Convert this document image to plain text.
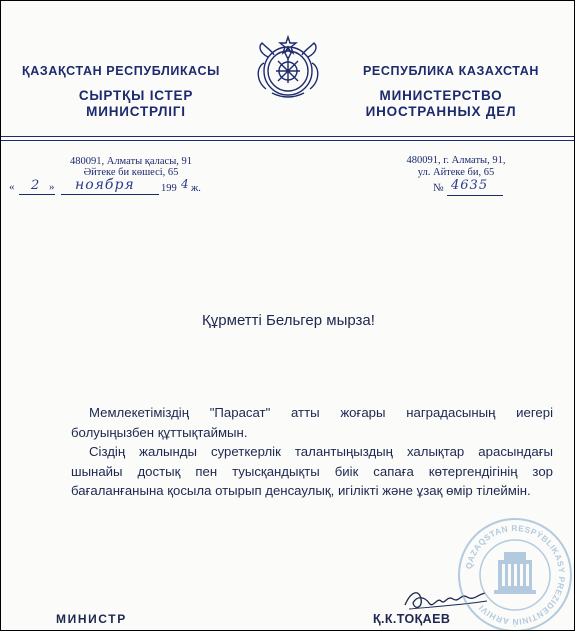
ҚАЗАҚСТАН РЕСПУБЛИКАСЫ
СЫРТҚЫ ІСТЕР
МИНИСТРЛІГІ
РЕСПУБЛИКА КАЗАХСТАН
МИНИСТЕРСТВО
ИНОСТРАННЫХ ДЕЛ
480091, Алматы қаласы, 91
Әйтеке би көшесі, 65
480091, г. Алматы, 91,
ул. Айтеке би, 65
« 2 » ноября	199 4 ж.	№ 4635
Құрметті Бельгер мырза!
Мемлекетіміздің "Парасат" атты жоғары наградасының иегері болуыңызбен құттықтаймын.
Сіздің жалынды суреткерлік талантыңыздың халықтар арасындағы шынайы достық пен туысқандықты биік сапаға көтергендігінің зор бағаланғанына қосыла отырып денсаулық, игілікті және ұзақ өмір тілеймін.
МИНИСТР	Қ.К.ТОҚАЕВ
QAZAQSTAN RESPÝBLIKASY PREZIDENTINIŃ ARHIVI
